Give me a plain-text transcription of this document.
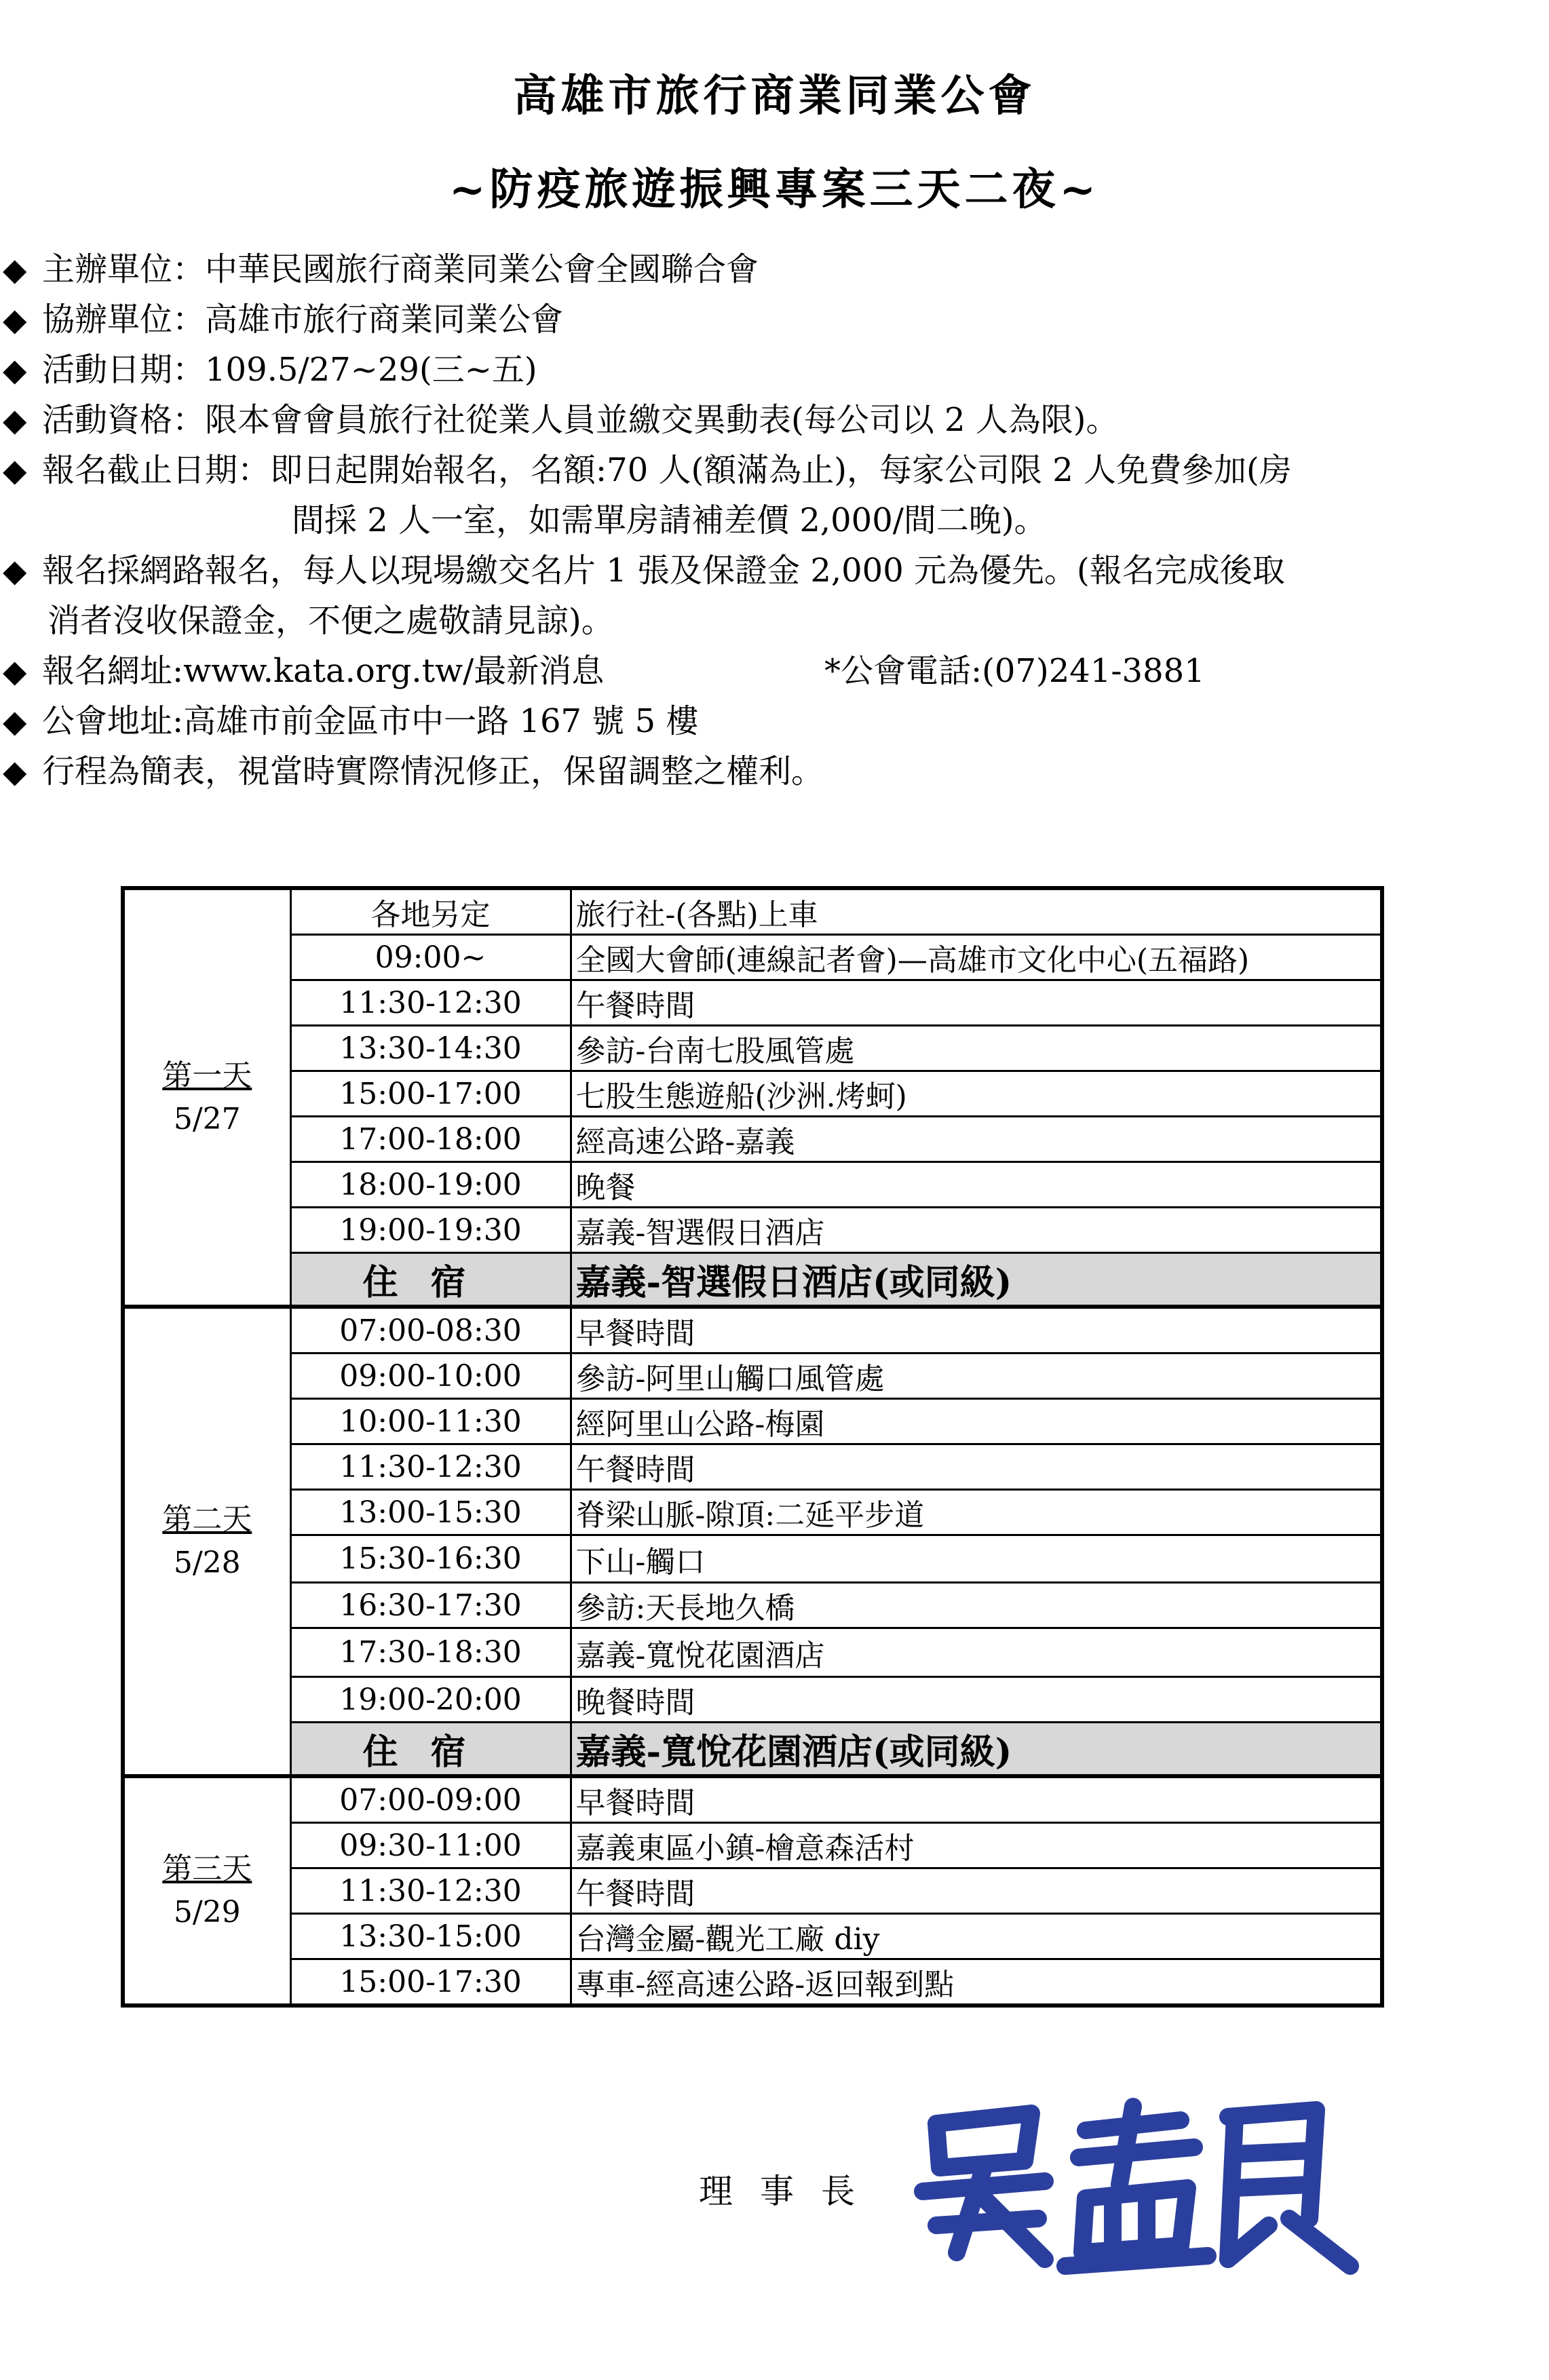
高雄市旅行商業同業公會
~防疫旅遊振興專案三天二夜~
◆ 主辦單位：中華民國旅行商業同業公會全國聯合會
◆ 協辦單位：高雄市旅行商業同業公會
◆ 活動日期：109.5/27~29(三~五)
◆ 活動資格：限本會會員旅行社從業人員並繳交異動表(每公司以 2 人為限)。
◆ 報名截止日期：即日起開始報名，名額:70 人(額滿為止)，每家公司限 2 人免費參加(房
間採 2 人一室，如需單房請補差價 2,000/間二晚)。
◆ 報名採網路報名，每人以現場繳交名片 1 張及保證金 2,000 元為優先。(報名完成後取
消者沒收保證金，不便之處敬請見諒)。
◆ 報名網址:www.kata.org.tw/最新消息	*公會電話:(07)241-3881
◆ 公會地址:高雄市前金區市中一路 167 號 5 樓
◆ 行程為簡表，視當時實際情況修正，保留調整之權利。
第一天
5/27	各地另定	旅行社-(各點)上車
	09:00~	全國大會師(連線記者會)—高雄市文化中心(五福路)
	11:30-12:30	午餐時間
	13:30-14:30	參訪-台南七股風管處
	15:00-17:00	七股生態遊船(沙洲.烤蚵)
	17:00-18:00	經高速公路-嘉義
	18:00-19:00	晚餐
	19:00-19:30	嘉義-智選假日酒店
	住宿	嘉義-智選假日酒店(或同級)

第二天
5/28	07:00-08:30	早餐時間
	09:00-10:00	參訪-阿里山觸口風管處
	10:00-11:30	經阿里山公路-梅園
	11:30-12:30	午餐時間
	13:00-15:30	脊梁山脈-隙頂:二延平步道
	15:30-16:30	下山-觸口
	16:30-17:30	參訪:天長地久橋
	17:30-18:30	嘉義-寬悅花園酒店
	19:00-20:00	晚餐時間
	住宿	嘉義-寬悅花園酒店(或同級)

第三天
5/29	07:00-09:00	早餐時間
	09:30-11:00	嘉義東區小鎮-檜意森活村
	11:30-12:30	午餐時間
	13:30-15:00	台灣金屬-觀光工廠 diy
	15:00-17:30	專車-經高速公路-返回報到點
理事長
